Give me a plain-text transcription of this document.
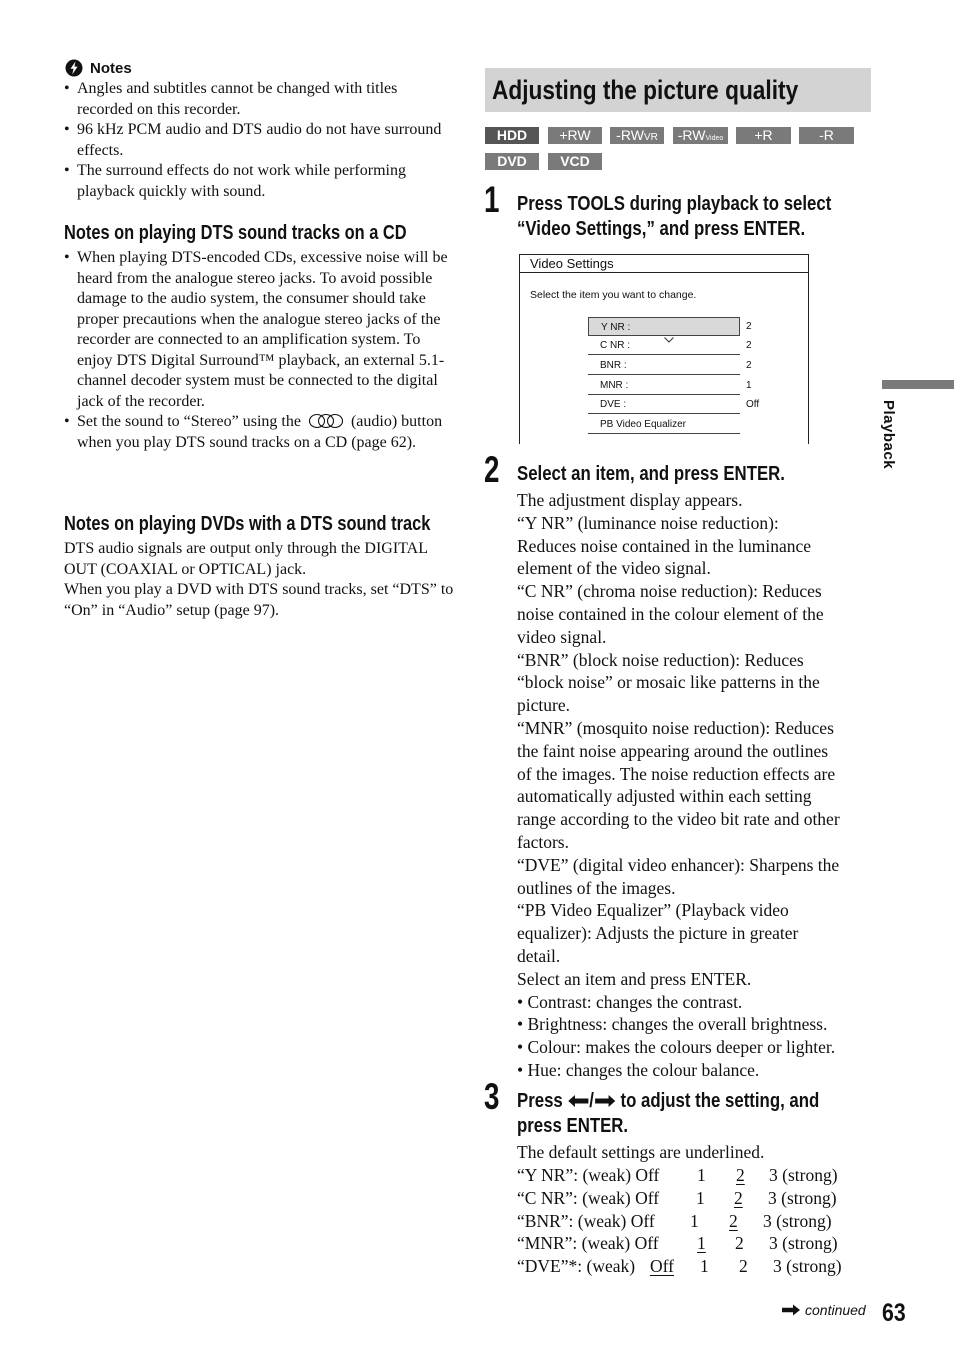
Notes
• Angles and subtitles cannot be changed with titles recorded on this recorder.
• 96 kHz PCM audio and DTS audio do not have surround effects.
• The surround effects do not work while performing playback quickly with sound.
Notes on playing DTS sound tracks on a CD
• When playing DTS-encoded CDs, excessive noise will be heard from the analogue stereo jacks. To avoid possible damage to the audio system, the consumer should take proper precautions when the analogue stereo jacks of the recorder are connected to an amplification system. To enjoy DTS Digital Surround™ playback, an external 5.1-channel decoder system must be connected to the digital jack of the recorder.
• Set the sound to “Stereo” using the	(audio) button when you play DTS sound tracks on a CD (page 62).
Notes on playing DVDs with a DTS sound track
DTS audio signals are output only through the DIGITAL OUT (COAXIAL or OPTICAL) jack.
When you play a DVD with DTS sound tracks, set “DTS” to “On” in “Audio” setup (page 97).
Adjusting the picture quality
HDD	+RW	-RWVR	-RWVideo	+R	-R
DVD	VCD
1 Press TOOLS during playback to select
“Video Settings,” and press ENTER.
Video Settings
Select the item you want to change.
Y NR :	2
C NR :	2
BNR :	2
MNR :	1
DVE :	Off
PB Video Equalizer
2 Select an item, and press ENTER.
The adjustment display appears.
“Y NR” (luminance noise reduction):
Reduces noise contained in the luminance
element of the video signal.
“C NR” (chroma noise reduction): Reduces
noise contained in the colour element of the
video signal.
“BNR” (block noise reduction): Reduces
“block noise” or mosaic like patterns in the
picture.
“MNR” (mosquito noise reduction): Reduces
the faint noise appearing around the outlines
of the images. The noise reduction effects are
automatically adjusted within each setting
range according to the video bit rate and other
factors.
“DVE” (digital video enhancer): Sharpens the
outlines of the images.
“PB Video Equalizer” (Playback video
equalizer): Adjusts the picture in greater
detail.
Select an item and press ENTER.
• Contrast: changes the contrast.
• Brightness: changes the overall brightness.
• Colour: makes the colours deeper or lighter.
• Hue: changes the colour balance.
3 Press / to adjust the setting, and
press ENTER.
The default settings are underlined.
“Y NR”: (weak) Off 1 2 3 (strong)
“C NR”: (weak) Off 1 2 3 (strong)
“BNR”: (weak) Off 1 2 3 (strong)
“MNR”: (weak) Off 1 2 3 (strong)
“DVE”*: (weak) Off 1 2 3 (strong)
Playback
continued 63
